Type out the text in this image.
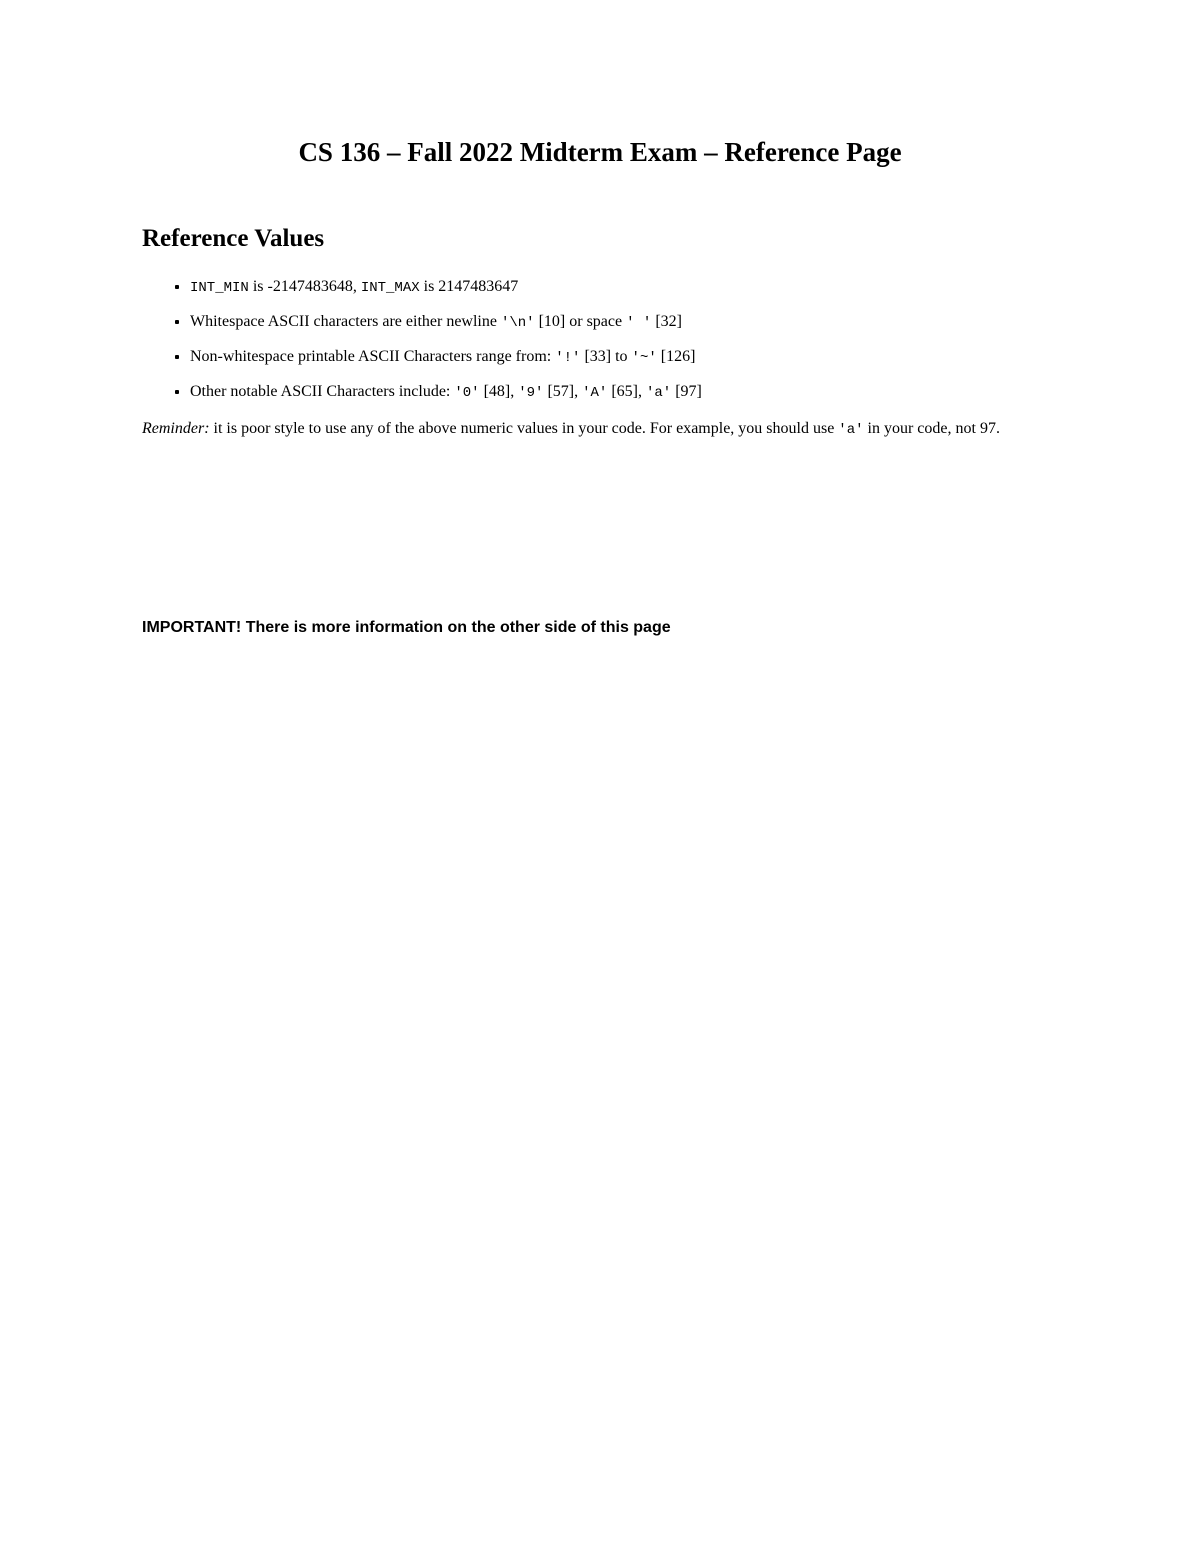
CS 136 – Fall 2022 Midterm Exam – Reference Page
Reference Values
INT_MIN is -2147483648, INT_MAX is 2147483647
Whitespace ASCII characters are either newline '\n' [10] or space ' ' [32]
Non-whitespace printable ASCII Characters range from: '!' [33] to '~' [126]
Other notable ASCII Characters include: '0' [48], '9' [57], 'A' [65], 'a' [97]

Reminder: it is poor style to use any of the above numeric values in your code. For example, you should use 'a' in your code, not 97.

IMPORTANT! There is more information on the other side of this page
